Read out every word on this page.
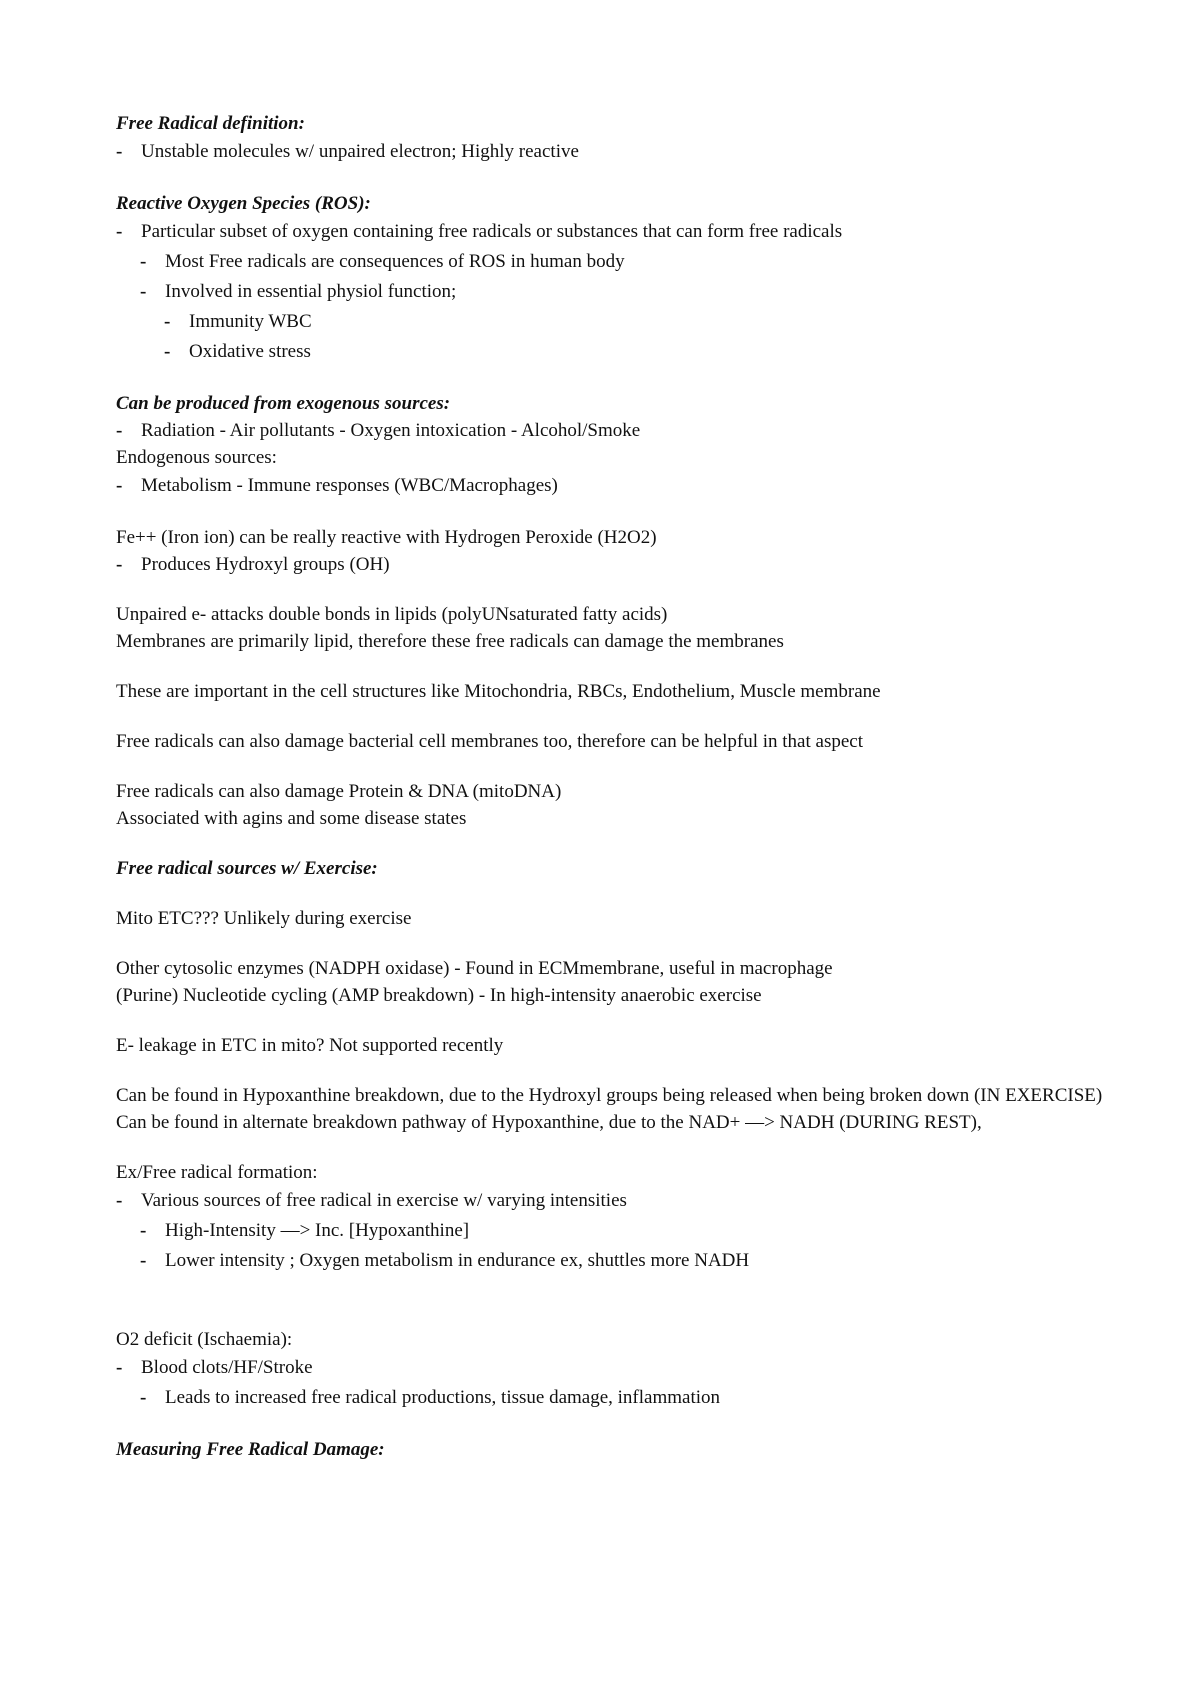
Free Radical definition:
- Unstable molecules w/ unpaired electron; Highly reactive
Reactive Oxygen Species (ROS):
- Particular subset of oxygen containing free radicals or substances that can form free radicals
- Most Free radicals are consequences of ROS in human body
- Involved in essential physiol function;
- Immunity WBC
- Oxidative stress
Can be produced from exogenous sources:
- Radiation - Air pollutants - Oxygen intoxication - Alcohol/Smoke
Endogenous sources:
- Metabolism - Immune responses (WBC/Macrophages)
Fe++ (Iron ion) can be really reactive with Hydrogen Peroxide (H2O2)
- Produces Hydroxyl groups (OH)
Unpaired e- attacks double bonds in lipids (polyUNsaturated fatty acids)
Membranes are primarily lipid, therefore these free radicals can damage the membranes
These are important in the cell structures like Mitochondria, RBCs, Endothelium, Muscle membrane
Free radicals can also damage bacterial cell membranes too, therefore can be helpful in that aspect
Free radicals can also damage Protein & DNA (mitoDNA)
Associated with agins and some disease states
Free radical sources w/ Exercise:
Mito ETC??? Unlikely during exercise
Other cytosolic enzymes (NADPH oxidase) - Found in ECMmembrane, useful in macrophage
(Purine) Nucleotide cycling (AMP breakdown) - In high-intensity anaerobic exercise
E- leakage in ETC in mito? Not supported recently
Can be found in Hypoxanthine breakdown, due to the Hydroxyl groups being released when being broken down (IN EXERCISE)
Can be found in alternate breakdown pathway of Hypoxanthine, due to the NAD+ —> NADH (DURING REST),
Ex/Free radical formation:
- Various sources of free radical in exercise w/ varying intensities
- High-Intensity —> Inc. [Hypoxanthine]
- Lower intensity ; Oxygen metabolism in endurance ex, shuttles more NADH
O2 deficit (Ischaemia):
- Blood clots/HF/Stroke
- Leads to increased free radical productions, tissue damage, inflammation
Measuring Free Radical Damage:
